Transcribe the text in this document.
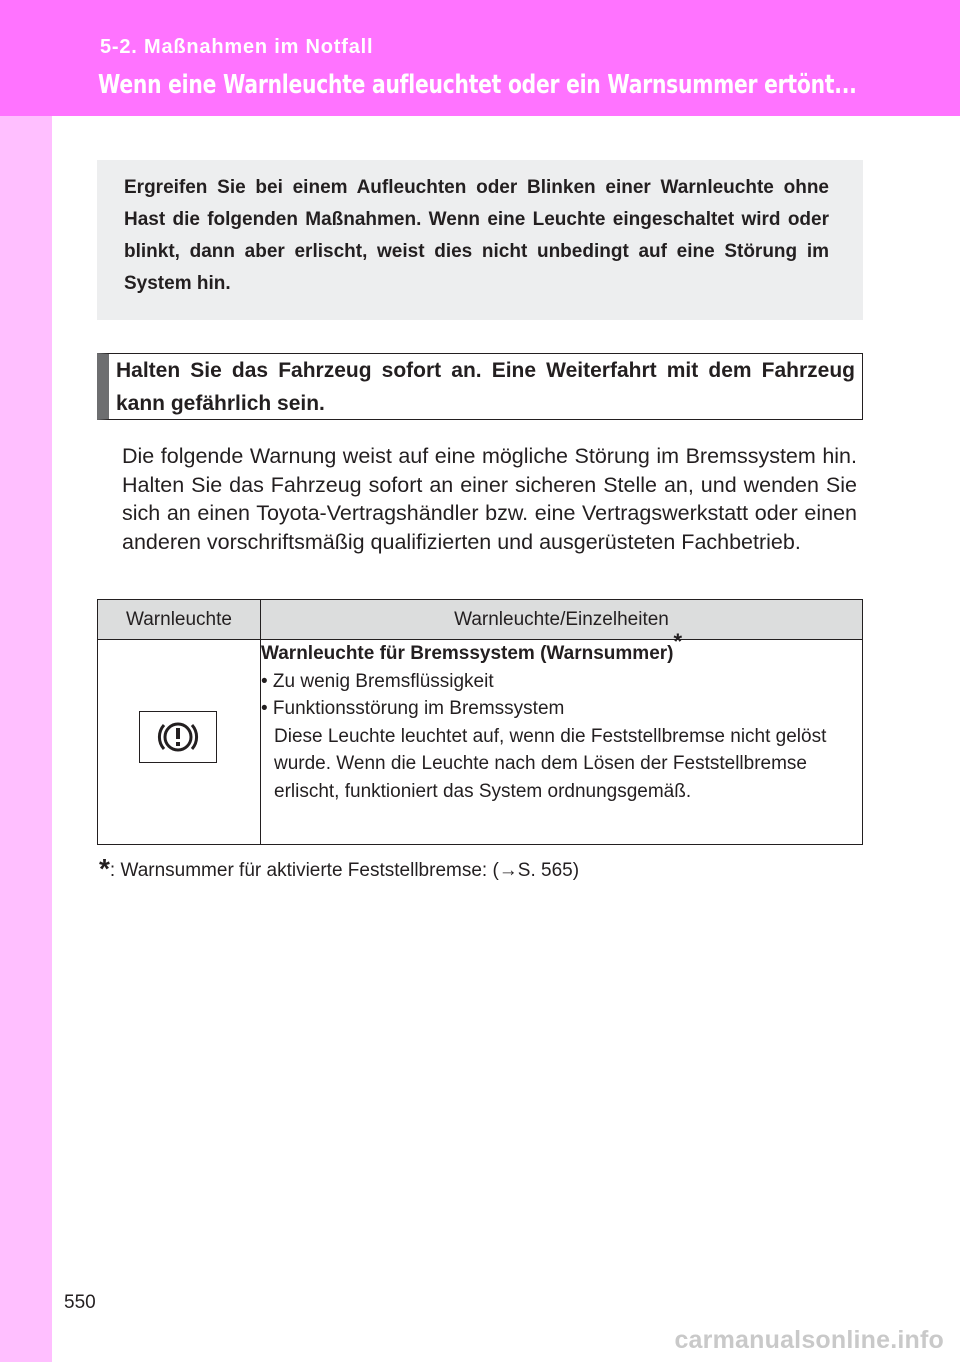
5-2. Maßnahmen im Notfall
Wenn eine Warnleuchte aufleuchtet oder ein Warnsummer ertönt...
Ergreifen Sie bei einem Aufleuchten oder Blinken einer Warnleuchte ohne Hast die folgenden Maßnahmen. Wenn eine Leuchte eingeschaltet wird oder blinkt, dann aber erlischt, weist dies nicht unbedingt auf eine Störung im System hin.
Halten Sie das Fahrzeug sofort an. Eine Weiterfahrt mit dem Fahrzeug kann gefährlich sein.
Die folgende Warnung weist auf eine mögliche Störung im Bremssystem hin. Halten Sie das Fahrzeug sofort an einer sicheren Stelle an, und wenden Sie sich an einen Toyota-Vertragshändler bzw. eine Vertragswerkstatt oder einen anderen vorschriftsmäßig qualifizierten und ausgerüsteten Fachbetrieb.
Warnleuchte	Warnleuchte/Einzelheiten

Warnleuchte für Bremssystem (Warnsummer)*
• Zu wenig Bremsflüssigkeit
• Funktionsstörung im Bremssystem
Diese Leuchte leuchtet auf, wenn die Feststellbremse nicht gelöst wurde. Wenn die Leuchte nach dem Lösen der Feststellbremse erlischt, funktioniert das System ordnungsgemäß.
*: Warnsummer für aktivierte Feststellbremse: (→S. 565)
550
carmanualsonline.info
